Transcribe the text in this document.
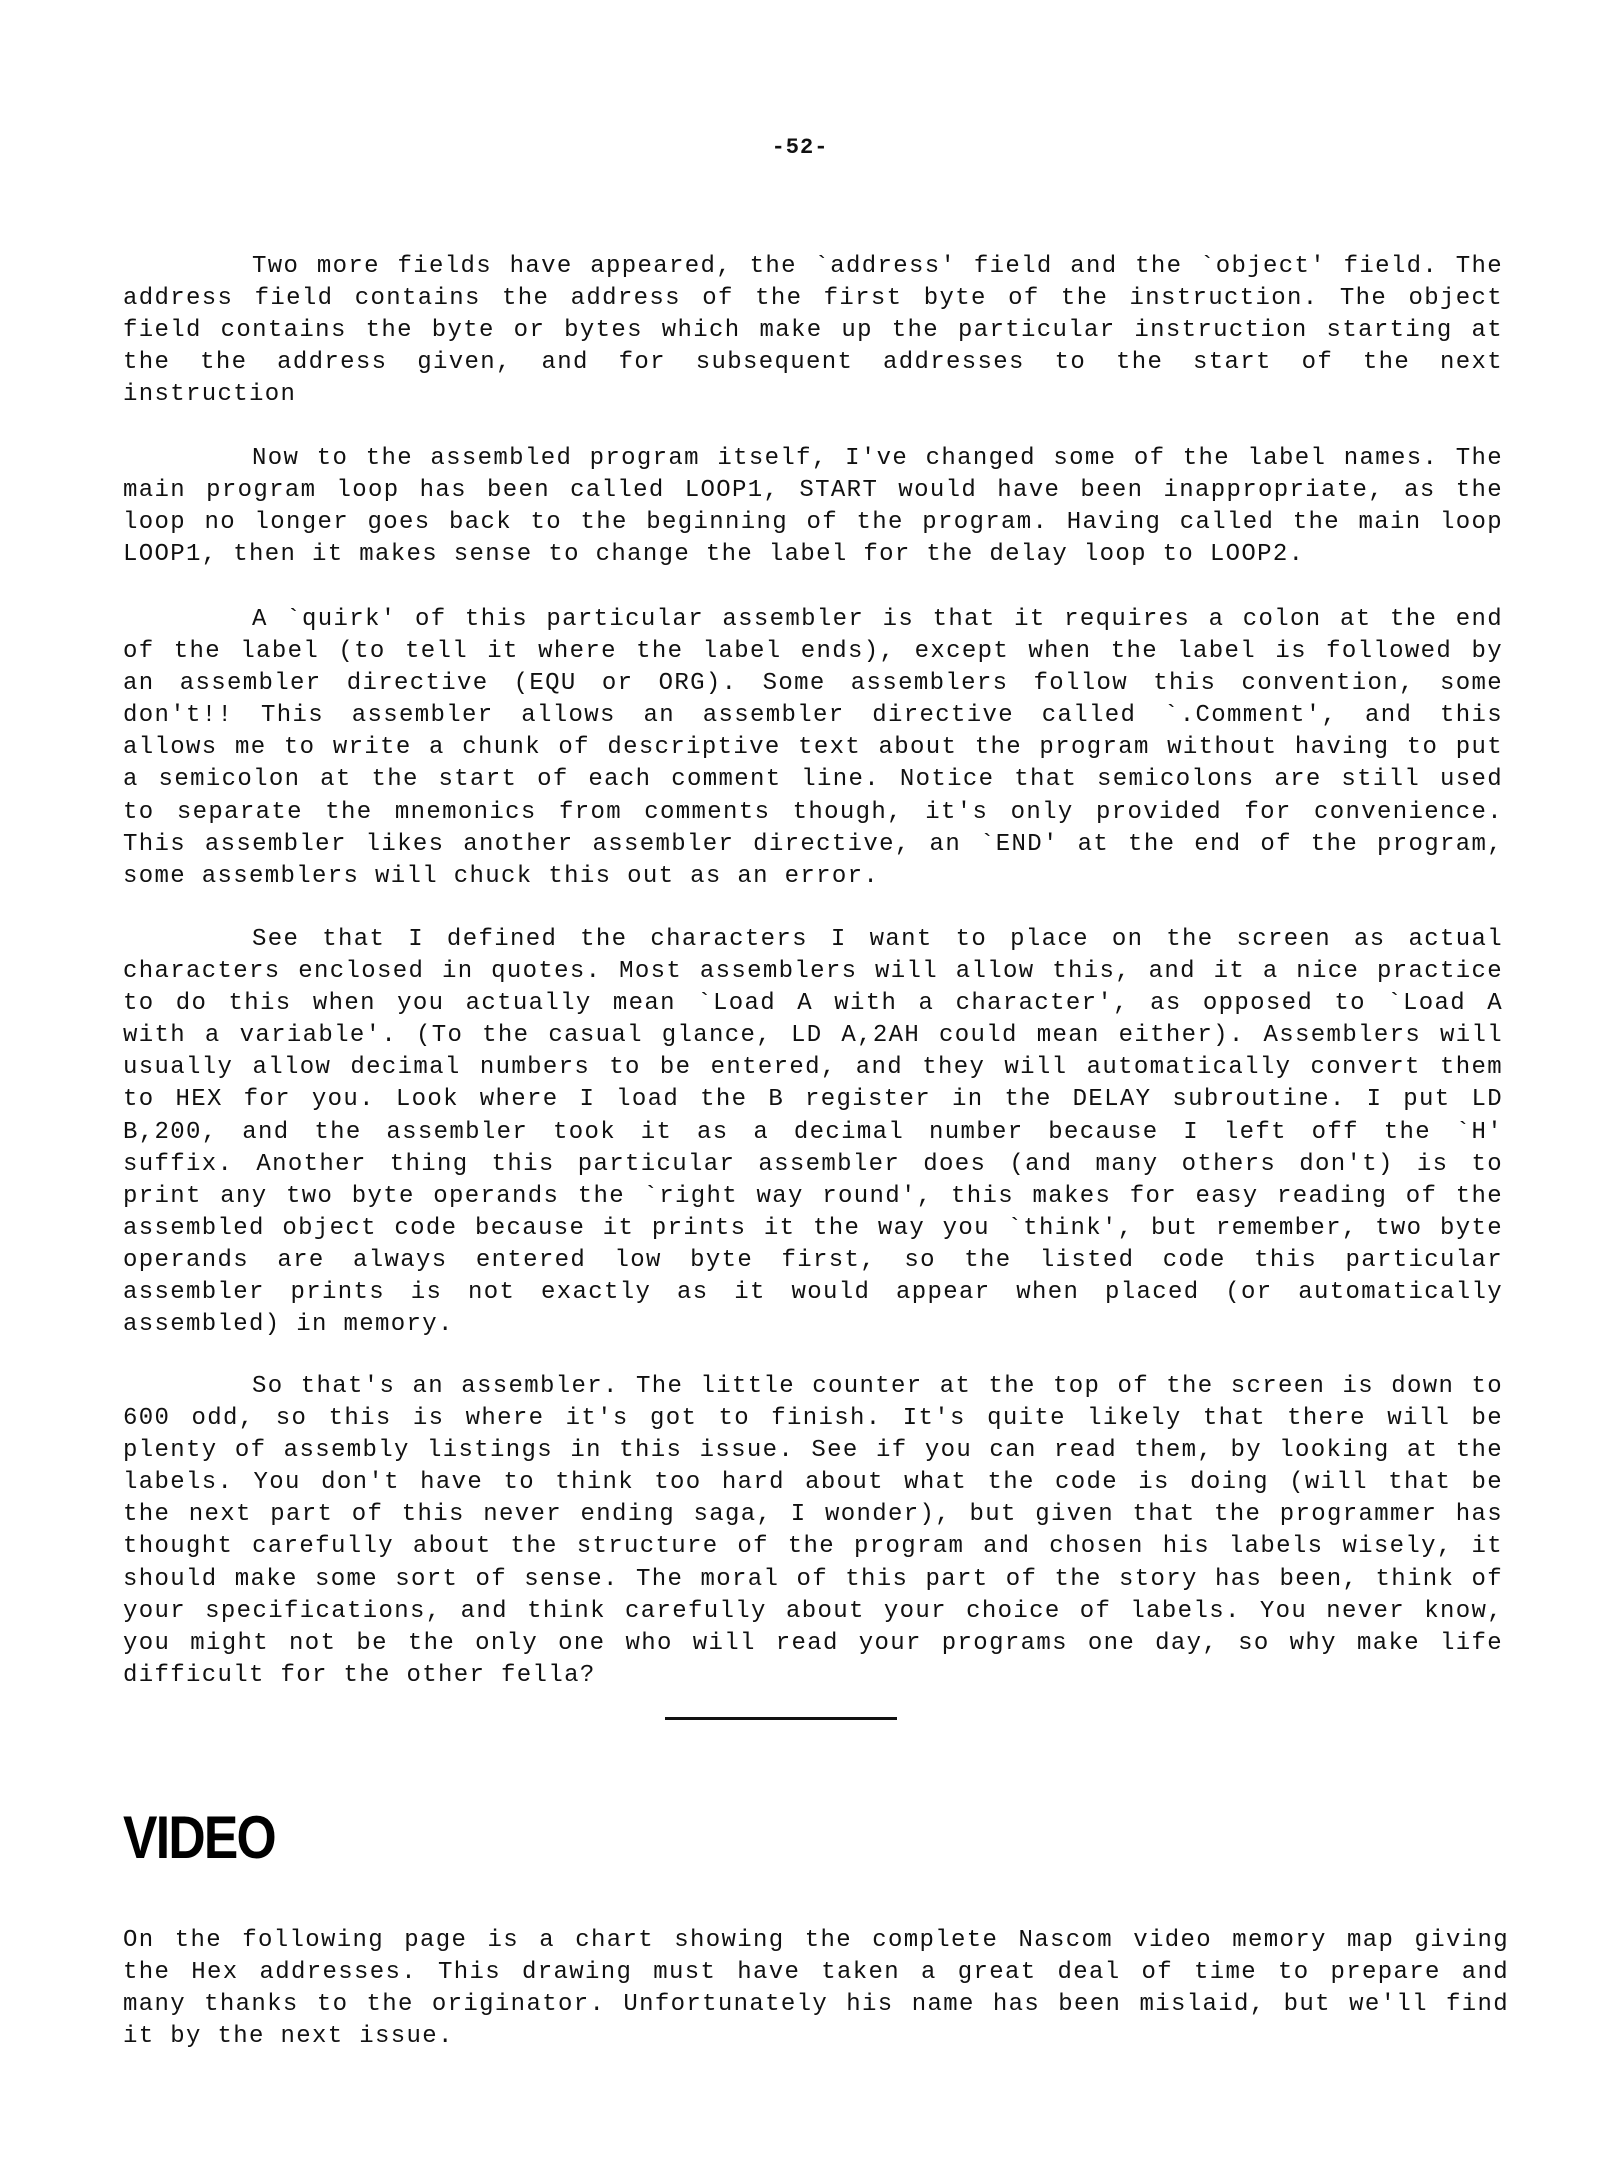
-52-
Two more fields have appeared, the `address' field and the `object' field. The
address field contains the address of the first byte of the instruction. The object
field contains the byte or bytes which make up the particular instruction starting at
the the address given, and for subsequent addresses to the start of the next
instruction
Now to the assembled program itself, I've changed some of the label names. The
main program loop has been called LOOP1, START would have been inappropriate, as the
loop no longer goes back to the beginning of the program. Having called the main loop
LOOP1, then it makes sense to change the label for the delay loop to LOOP2.
A `quirk' of this particular assembler is that it requires a colon at the end
of the label (to tell it where the label ends), except when the label is followed by
an assembler directive (EQU or ORG). Some assemblers follow this convention, some
don't!! This assembler allows an assembler directive called `.Comment', and this
allows me to write a chunk of descriptive text about the program without having to put
a semicolon at the start of each comment line. Notice that semicolons are still used
to separate the mnemonics from comments though, it's only provided for convenience.
This assembler likes another assembler directive, an `END' at the end of the program,
some assemblers will chuck this out as an error.
See that I defined the characters I want to place on the screen as actual
characters enclosed in quotes. Most assemblers will allow this, and it a nice practice
to do this when you actually mean `Load A with a character', as opposed to `Load A
with a variable'. (To the casual glance, LD A,2AH could mean either). Assemblers will
usually allow decimal numbers to be entered, and they will automatically convert them
to HEX for you. Look where I load the B register in the DELAY subroutine. I put LD
B,200, and the assembler took it as a decimal number because I left off the `H'
suffix. Another thing this particular assembler does (and many others don't) is to
print any two byte operands the `right way round', this makes for easy reading of the
assembled object code because it prints it the way you `think', but remember, two byte
operands are always entered low byte first, so the listed code this particular
assembler prints is not exactly as it would appear when placed (or automatically
assembled) in memory.
So that's an assembler. The little counter at the top of the screen is down to
600 odd, so this is where it's got to finish. It's quite likely that there will be
plenty of assembly listings in this issue. See if you can read them, by looking at the
labels. You don't have to think too hard about what the code is doing (will that be
the next part of this never ending saga, I wonder), but given that the programmer has
thought carefully about the structure of the program and chosen his labels wisely, it
should make some sort of sense. The moral of this part of the story has been, think of
your specifications, and think carefully about your choice of labels. You never know,
you might not be the only one who will read your programs one day, so why make life
difficult for the other fella?
VIDEO
On the following page is a chart showing the complete Nascom video memory map giving
the Hex addresses. This drawing must have taken a great deal of time to prepare and
many thanks to the originator. Unfortunately his name has been mislaid, but we'll find
it by the next issue.
